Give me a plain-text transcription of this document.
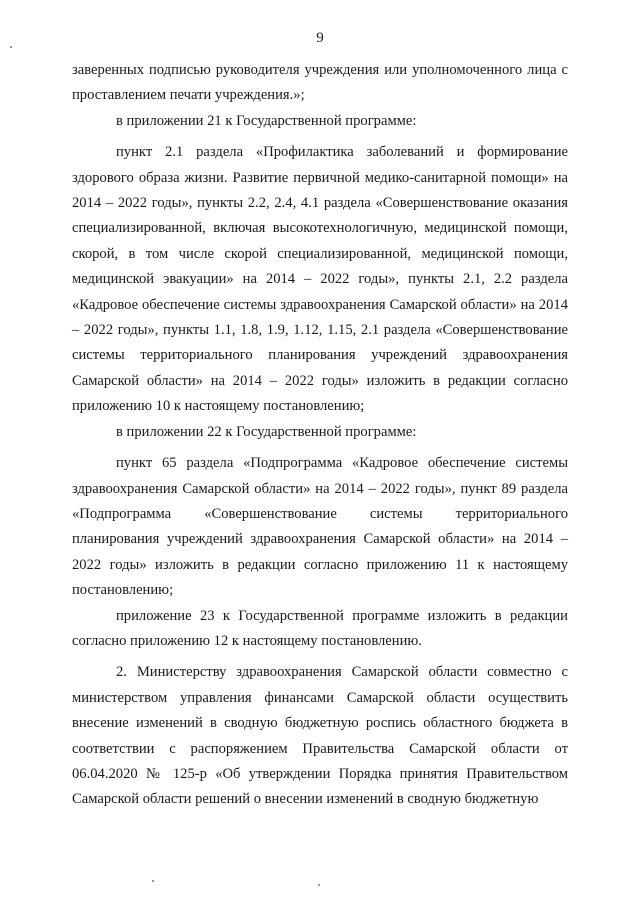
9

заверенных подписью руководителя учреждения или уполномоченного лица с проставлением печати учреждения.»;

в приложении 21 к Государственной программе:

пункт 2.1 раздела «Профилактика заболеваний и формирование здорового образа жизни. Развитие первичной медико-санитарной помощи» на 2014 – 2022 годы», пункты 2.2, 2.4, 4.1 раздела «Совершенствование оказания специализированной, включая высокотехнологичную, медицинской помощи, скорой, в том числе скорой специализированной, медицинской помощи, медицинской эвакуации» на 2014 – 2022 годы», пункты 2.1, 2.2 раздела «Кадровое обеспечение системы здравоохранения Самарской области» на 2014 – 2022 годы», пункты 1.1, 1.8, 1.9, 1.12, 1.15, 2.1 раздела «Совершенствование системы территориального планирования учреждений здравоохранения Самарской области» на 2014 – 2022 годы» изложить в редакции согласно приложению 10 к настоящему постановлению;

в приложении 22 к Государственной программе:

пункт 65 раздела «Подпрограмма «Кадровое обеспечение системы здравоохранения Самарской области» на 2014 – 2022 годы», пункт 89 раздела «Подпрограмма «Совершенствование системы территориального планирования учреждений здравоохранения Самарской области» на 2014 – 2022 годы» изложить в редакции согласно приложению 11 к настоящему постановлению;

приложение 23 к Государственной программе изложить в редакции согласно приложению 12 к настоящему постановлению.

2. Министерству здравоохранения Самарской области совместно с министерством управления финансами Самарской области осуществить внесение изменений в сводную бюджетную роспись областного бюджета в соответствии с распоряжением Правительства Самарской области от 06.04.2020 № 125-р «Об утверждении Порядка принятия Правительством Самарской области решений о внесении изменений в сводную бюджетную
